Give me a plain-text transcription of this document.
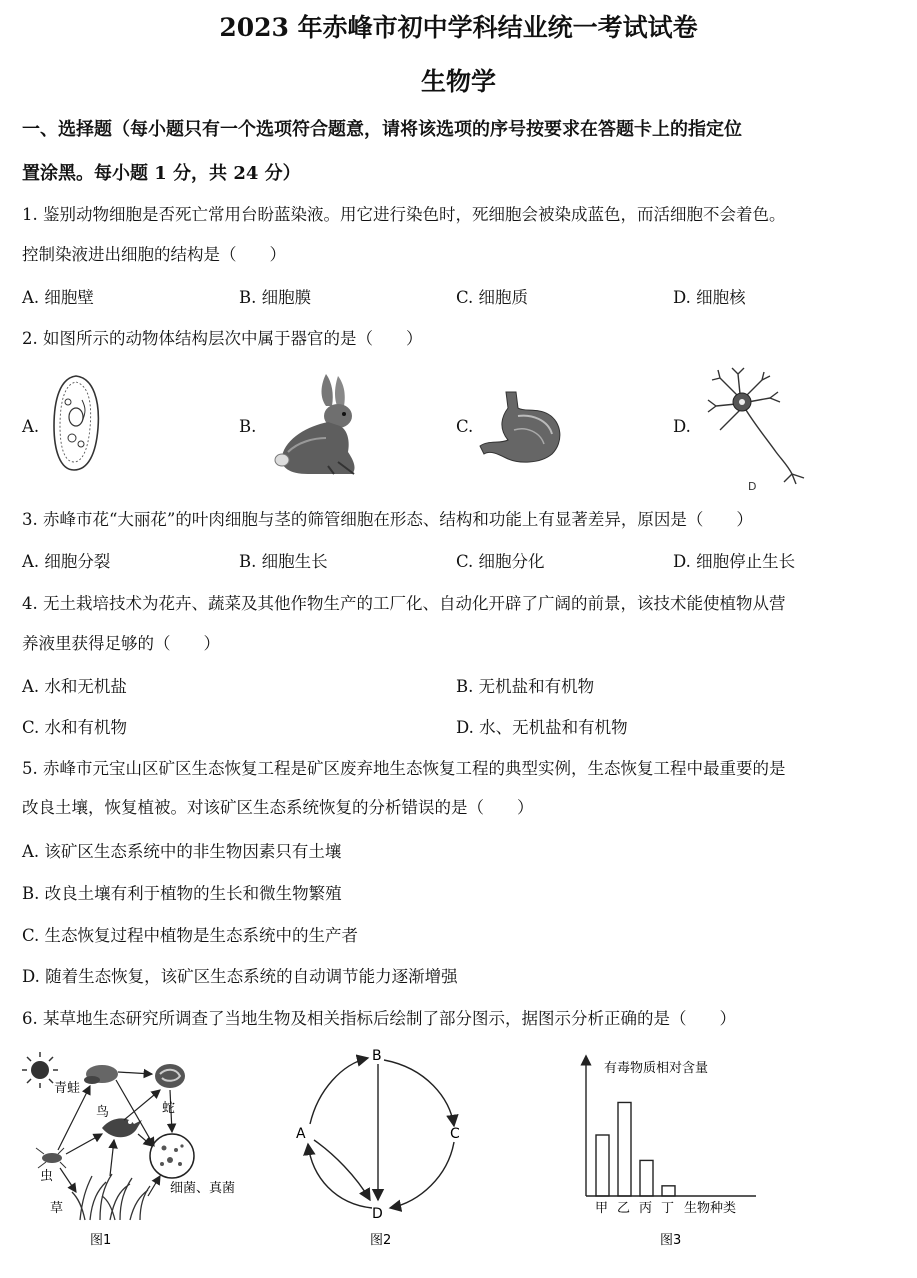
2023 年赤峰市初中学科结业统一考试试卷
生物学
一、选择题（每小题只有一个选项符合题意，请将该选项的序号按要求在答题卡上的指定位
置涂黑。每小题 1 分，共 24 分）
1. 鉴别动物细胞是否死亡常用台盼蓝染液。用它进行染色时，死细胞会被染成蓝色，而活细胞不会着色。
控制染液进出细胞的结构是（　　）
A. 细胞壁	B. 细胞膜	C. 细胞质	D. 细胞核
2. 如图所示的动物体结构层次中属于器官的是（　　）
A.	B.	C.	D.
D
3. 赤峰市花“大丽花”的叶肉细胞与茎的筛管细胞在形态、结构和功能上有显著差异，原因是（　　）
A. 细胞分裂	B. 细胞生长	C. 细胞分化	D. 细胞停止生长
4. 无土栽培技术为花卉、蔬菜及其他作物生产的工厂化、自动化开辟了广阔的前景，该技术能使植物从营
养液里获得足够的（　　）
A. 水和无机盐	B. 无机盐和有机物
C. 水和有机物	D. 水、无机盐和有机物
5. 赤峰市元宝山区矿区生态恢复工程是矿区废弃地生态恢复工程的典型实例，生态恢复工程中最重要的是
改良土壤，恢复植被。对该矿区生态系统恢复的分析错误的是（　　）
A. 该矿区生态系统中的非生物因素只有土壤
B. 改良土壤有利于植物的生长和微生物繁殖
C. 生态恢复过程中植物是生态系统中的生产者
D. 随着生态恢复，该矿区生态系统的自动调节能力逐渐增强
6. 某草地生态研究所调查了当地生物及相关指标后绘制了部分图示，据图示分析正确的是（　　）
青蛙
蛇
鸟
虫
草
细菌、真菌
图1
B
C
D
A
图2
有毒物质相对含量
甲 乙 丙 丁 生物种类
图3
